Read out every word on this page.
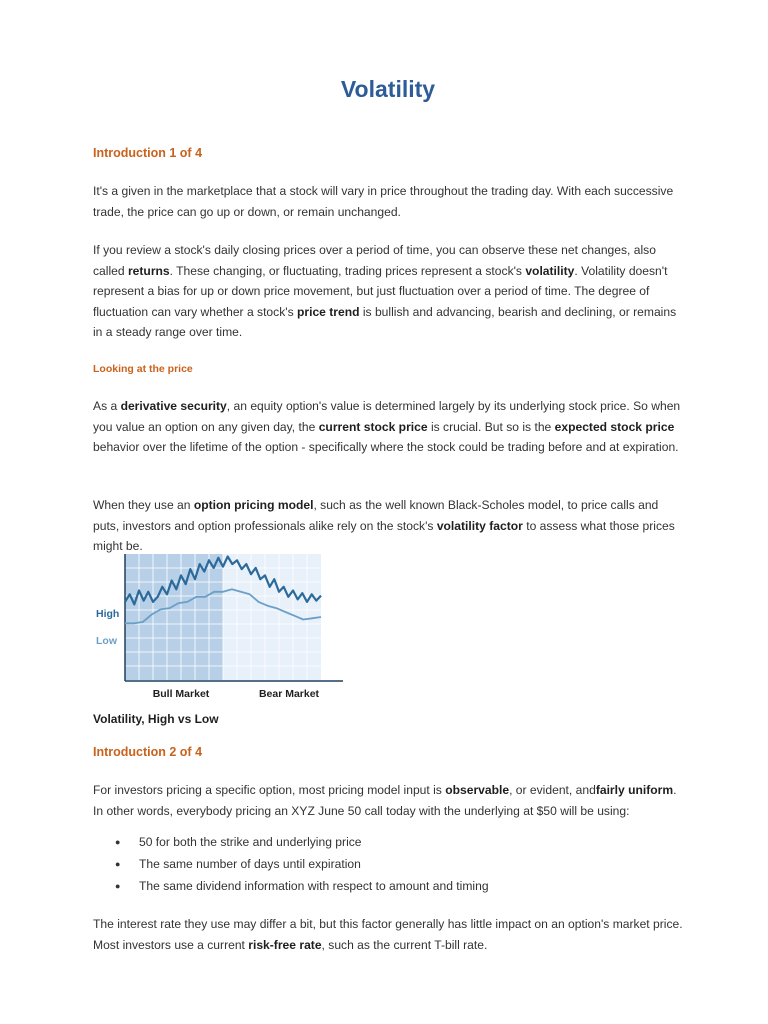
Volatility
Introduction 1 of 4

It's a given in the marketplace that a stock will vary in price throughout the trading day. With each successive trade, the price can go up or down, or remain unchanged.

If you review a stock's daily closing prices over a period of time, you can observe these net changes, also called returns. These changing, or fluctuating, trading prices represent a stock's volatility. Volatility doesn't represent a bias for up or down price movement, but just fluctuation over a period of time. The degree of fluctuation can vary whether a stock's price trend is bullish and advancing, bearish and declining, or remains in a steady range over time.

Looking at the price

As a derivative security, an equity option's value is determined largely by its underlying stock price. So when you value an option on any given day, the current stock price is crucial. But so is the expected stock price behavior over the lifetime of the option - specifically where the stock could be trading before and at expiration.

When they use an option pricing model, such as the well known Black-Scholes model, to price calls and puts, investors and option professionals alike rely on the stock's volatility factor to assess what those prices might be.

High
Low
Bull Market	Bear Market

Volatility, High vs Low

Introduction 2 of 4

For investors pricing a specific option, most pricing model input is observable, or evident, andfairly uniform. In other words, everybody pricing an XYZ June 50 call today with the underlying at $50 will be using:

● 50 for both the strike and underlying price
● The same number of days until expiration
● The same dividend information with respect to amount and timing

The interest rate they use may differ a bit, but this factor generally has little impact on an option's market price. Most investors use a current risk-free rate, such as the current T-bill rate.
